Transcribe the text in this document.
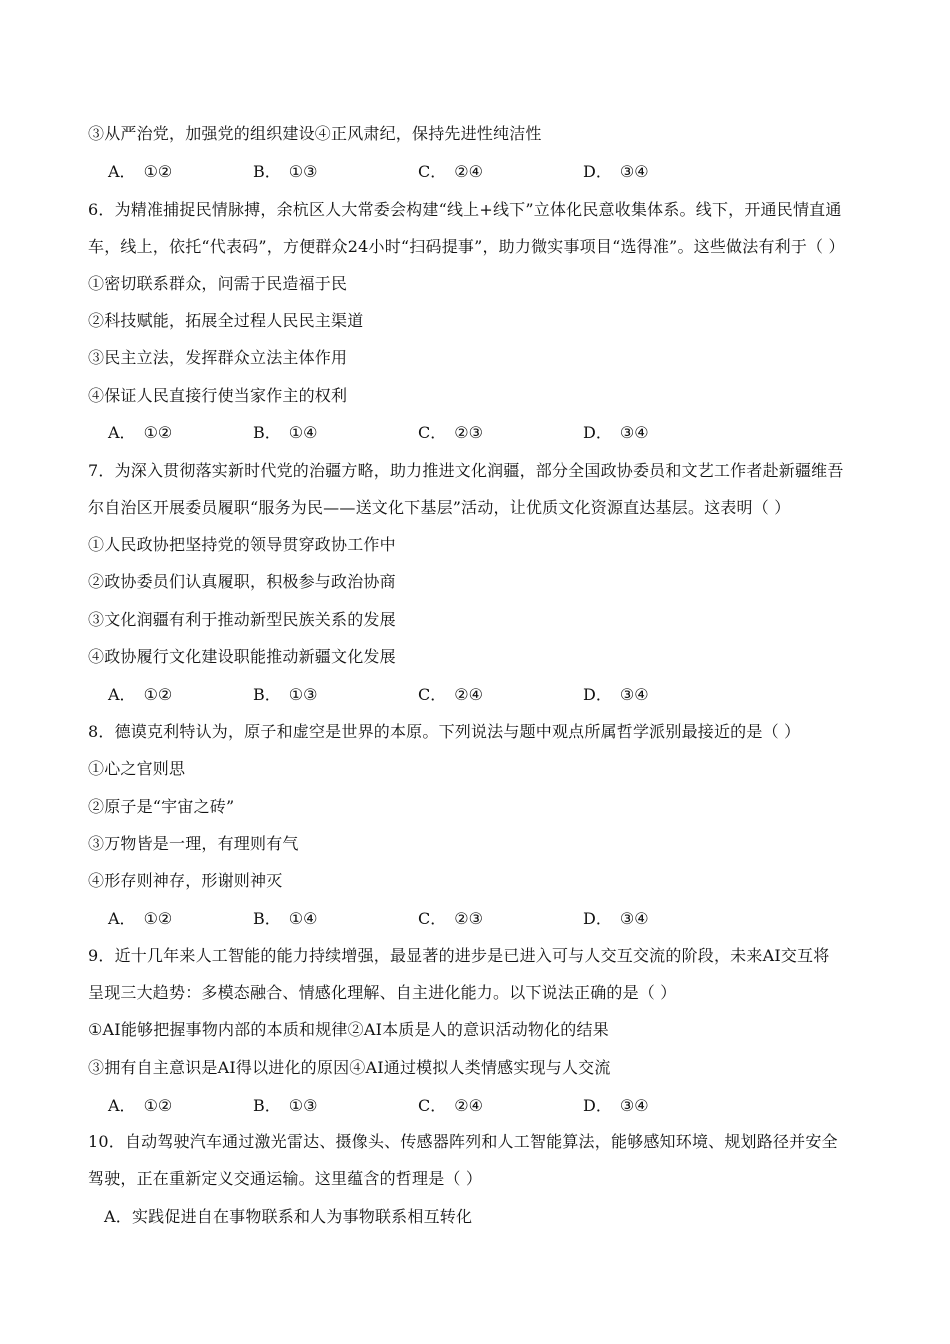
③从严治党，加强党的组织建设④正风肃纪，保持先进性纯洁性
A． ①②	B． ①③	C． ②④	D． ③④
6．为精准捕捉民情脉搏，余杭区人大常委会构建“线上+线下”立体化民意收集体系。线下，开通民情直通
车，线上，依托“代表码”，方便群众24小时“扫码提事”，助力微实事项目“选得准”。这些做法有利于（ ）
①密切联系群众，问需于民造福于民
②科技赋能，拓展全过程人民民主渠道
③民主立法，发挥群众立法主体作用
④保证人民直接行使当家作主的权利
A． ①②	B． ①④	C． ②③	D． ③④
7．为深入贯彻落实新时代党的治疆方略，助力推进文化润疆，部分全国政协委员和文艺工作者赴新疆维吾
尔自治区开展委员履职“服务为民——送文化下基层”活动，让优质文化资源直达基层。这表明（ ）
①人民政协把坚持党的领导贯穿政协工作中
②政协委员们认真履职，积极参与政治协商
③文化润疆有利于推动新型民族关系的发展
④政协履行文化建设职能推动新疆文化发展
A． ①②	B． ①③	C． ②④	D． ③④
8．德谟克利特认为，原子和虚空是世界的本原。下列说法与题中观点所属哲学派别最接近的是（ ）
①心之官则思
②原子是“宇宙之砖”
③万物皆是一理，有理则有气
④形存则神存，形谢则神灭
A． ①②	B． ①④	C． ②③	D． ③④
9．近十几年来人工智能的能力持续增强，最显著的进步是已进入可与人交互交流的阶段，未来AI交互将
呈现三大趋势：多模态融合、情感化理解、自主进化能力。以下说法正确的是（ ）
①AI能够把握事物内部的本质和规律②AI本质是人的意识活动物化的结果
③拥有自主意识是AI得以进化的原因④AI通过模拟人类情感实现与人交流
A． ①②	B． ①③	C． ②④	D． ③④
10．自动驾驶汽车通过激光雷达、摄像头、传感器阵列和人工智能算法，能够感知环境、规划路径并安全
驾驶，正在重新定义交通运输。这里蕴含的哲理是（ ）
A．实践促进自在事物联系和人为事物联系相互转化
